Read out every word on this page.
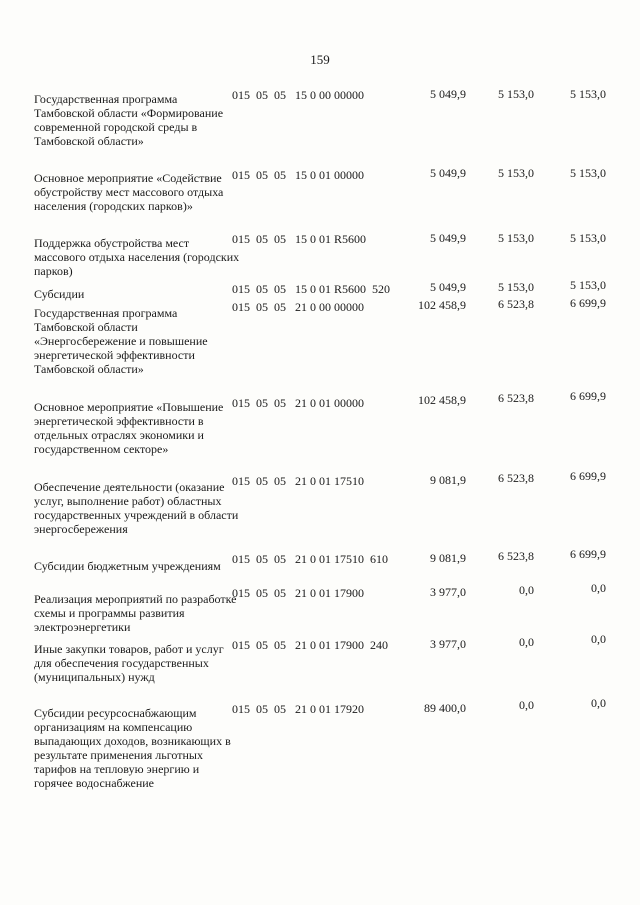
159
Государственная программа Тамбовской области «Формирование современной городской среды в Тамбовской области»
015  05  05   15 0 00 00000	5 049,9	5 153,0	5 153,0
Основное мероприятие «Содействие обустройству мест массового отдыха населения (городских парков)»
015  05  05   15 0 01 00000	5 049,9	5 153,0	5 153,0
Поддержка обустройства мест массового отдыха населения (городских парков)
015  05  05   15 0 01 R5600	5 049,9	5 153,0	5 153,0
Субсидии	015  05  05   15 0 01 R5600  520	5 049,9	5 153,0	5 153,0
Государственная программа Тамбовской области «Энергосбережение и повышение энергетической эффективности Тамбовской области»
015  05  05   21 0 00 00000	102 458,9	6 523,8	6 699,9
Основное мероприятие «Повышение энергетической эффективности в отдельных отраслях экономики и государственном секторе»
015  05  05   21 0 01 00000	102 458,9	6 523,8	6 699,9
Обеспечение деятельности (оказание услуг, выполнение работ) областных государственных учреждений в области энергосбережения
015  05  05   21 0 01 17510	9 081,9	6 523,8	6 699,9
Субсидии бюджетным учреждениям 015  05  05   21 0 01 17510  610	9 081,9	6 523,8	6 699,9
Реализация мероприятий по разработке схемы и программы развития электроэнергетики
015  05  05   21 0 01 17900	3 977,0	0,0	0,0
Иные закупки товаров, работ и услуг для обеспечения государственных (муниципальных) нужд
015  05  05   21 0 01 17900  240	3 977,0	0,0	0,0
Субсидии ресурсоснабжающим организациям на компенсацию выпадающих доходов, возникающих в результате применения льготных тарифов на тепловую энергию и горячее водоснабжение
015  05  05   21 0 01 17920	89 400,0	0,0	0,0
